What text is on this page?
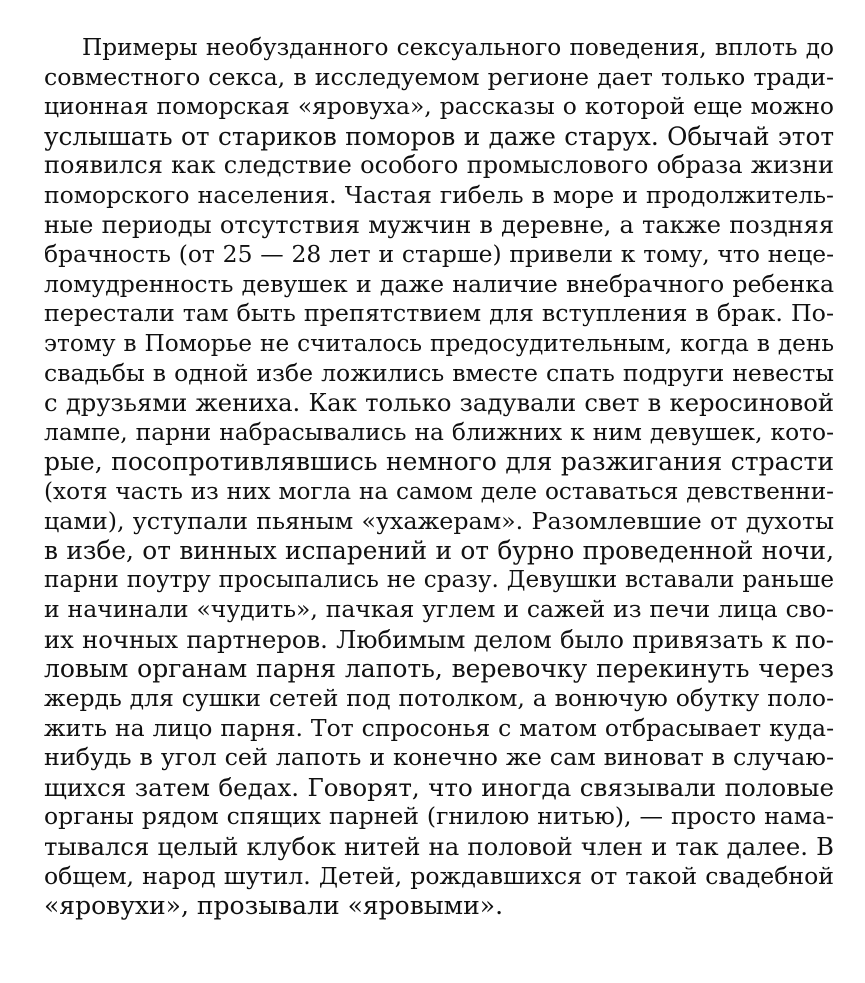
Примеры необузданного сексуального поведения, вплоть до
совместного секса, в исследуемом регионе дает только тради-
ционная поморская «яровуха», рассказы о которой еще можно
услышать от стариков поморов и даже старух. Обычай этот
появился как следствие особого промыслового образа жизни
поморского населения. Частая гибель в море и продолжитель-
ные периоды отсутствия мужчин в деревне, а также поздняя
брачность (от 25 — 28 лет и старше) привели к тому, что неце-
ломудренность девушек и даже наличие внебрачного ребенка
перестали там быть препятствием для вступления в брак. По-
этому в Поморье не считалось предосудительным, когда в день
свадьбы в одной избе ложились вместе спать подруги невесты
с друзьями жениха. Как только задували свет в керосиновой
лампе, парни набрасывались на ближних к ним девушек, кото-
рые, посопротивлявшись немного для разжигания страсти
(хотя часть из них могла на самом деле оставаться девственни-
цами), уступали пьяным «ухажерам». Разомлевшие от духоты
в избе, от винных испарений и от бурно проведенной ночи,
парни поутру просыпались не сразу. Девушки вставали раньше
и начинали «чудить», пачкая углем и сажей из печи лица сво-
их ночных партнеров. Любимым делом было привязать к по-
ловым органам парня лапоть, веревочку перекинуть через
жердь для сушки сетей под потолком, а вонючую обутку поло-
жить на лицо парня. Тот спросонья с матом отбрасывает куда-
нибудь в угол сей лапоть и конечно же сам виноват в случаю-
щихся затем бедах. Говорят, что иногда связывали половые
органы рядом спящих парней (гнилою нитью), — просто нама-
тывался целый клубок нитей на половой член и так далее. В
общем, народ шутил. Детей, рождавшихся от такой свадебной
«яровухи», прозывали «яровыми».
